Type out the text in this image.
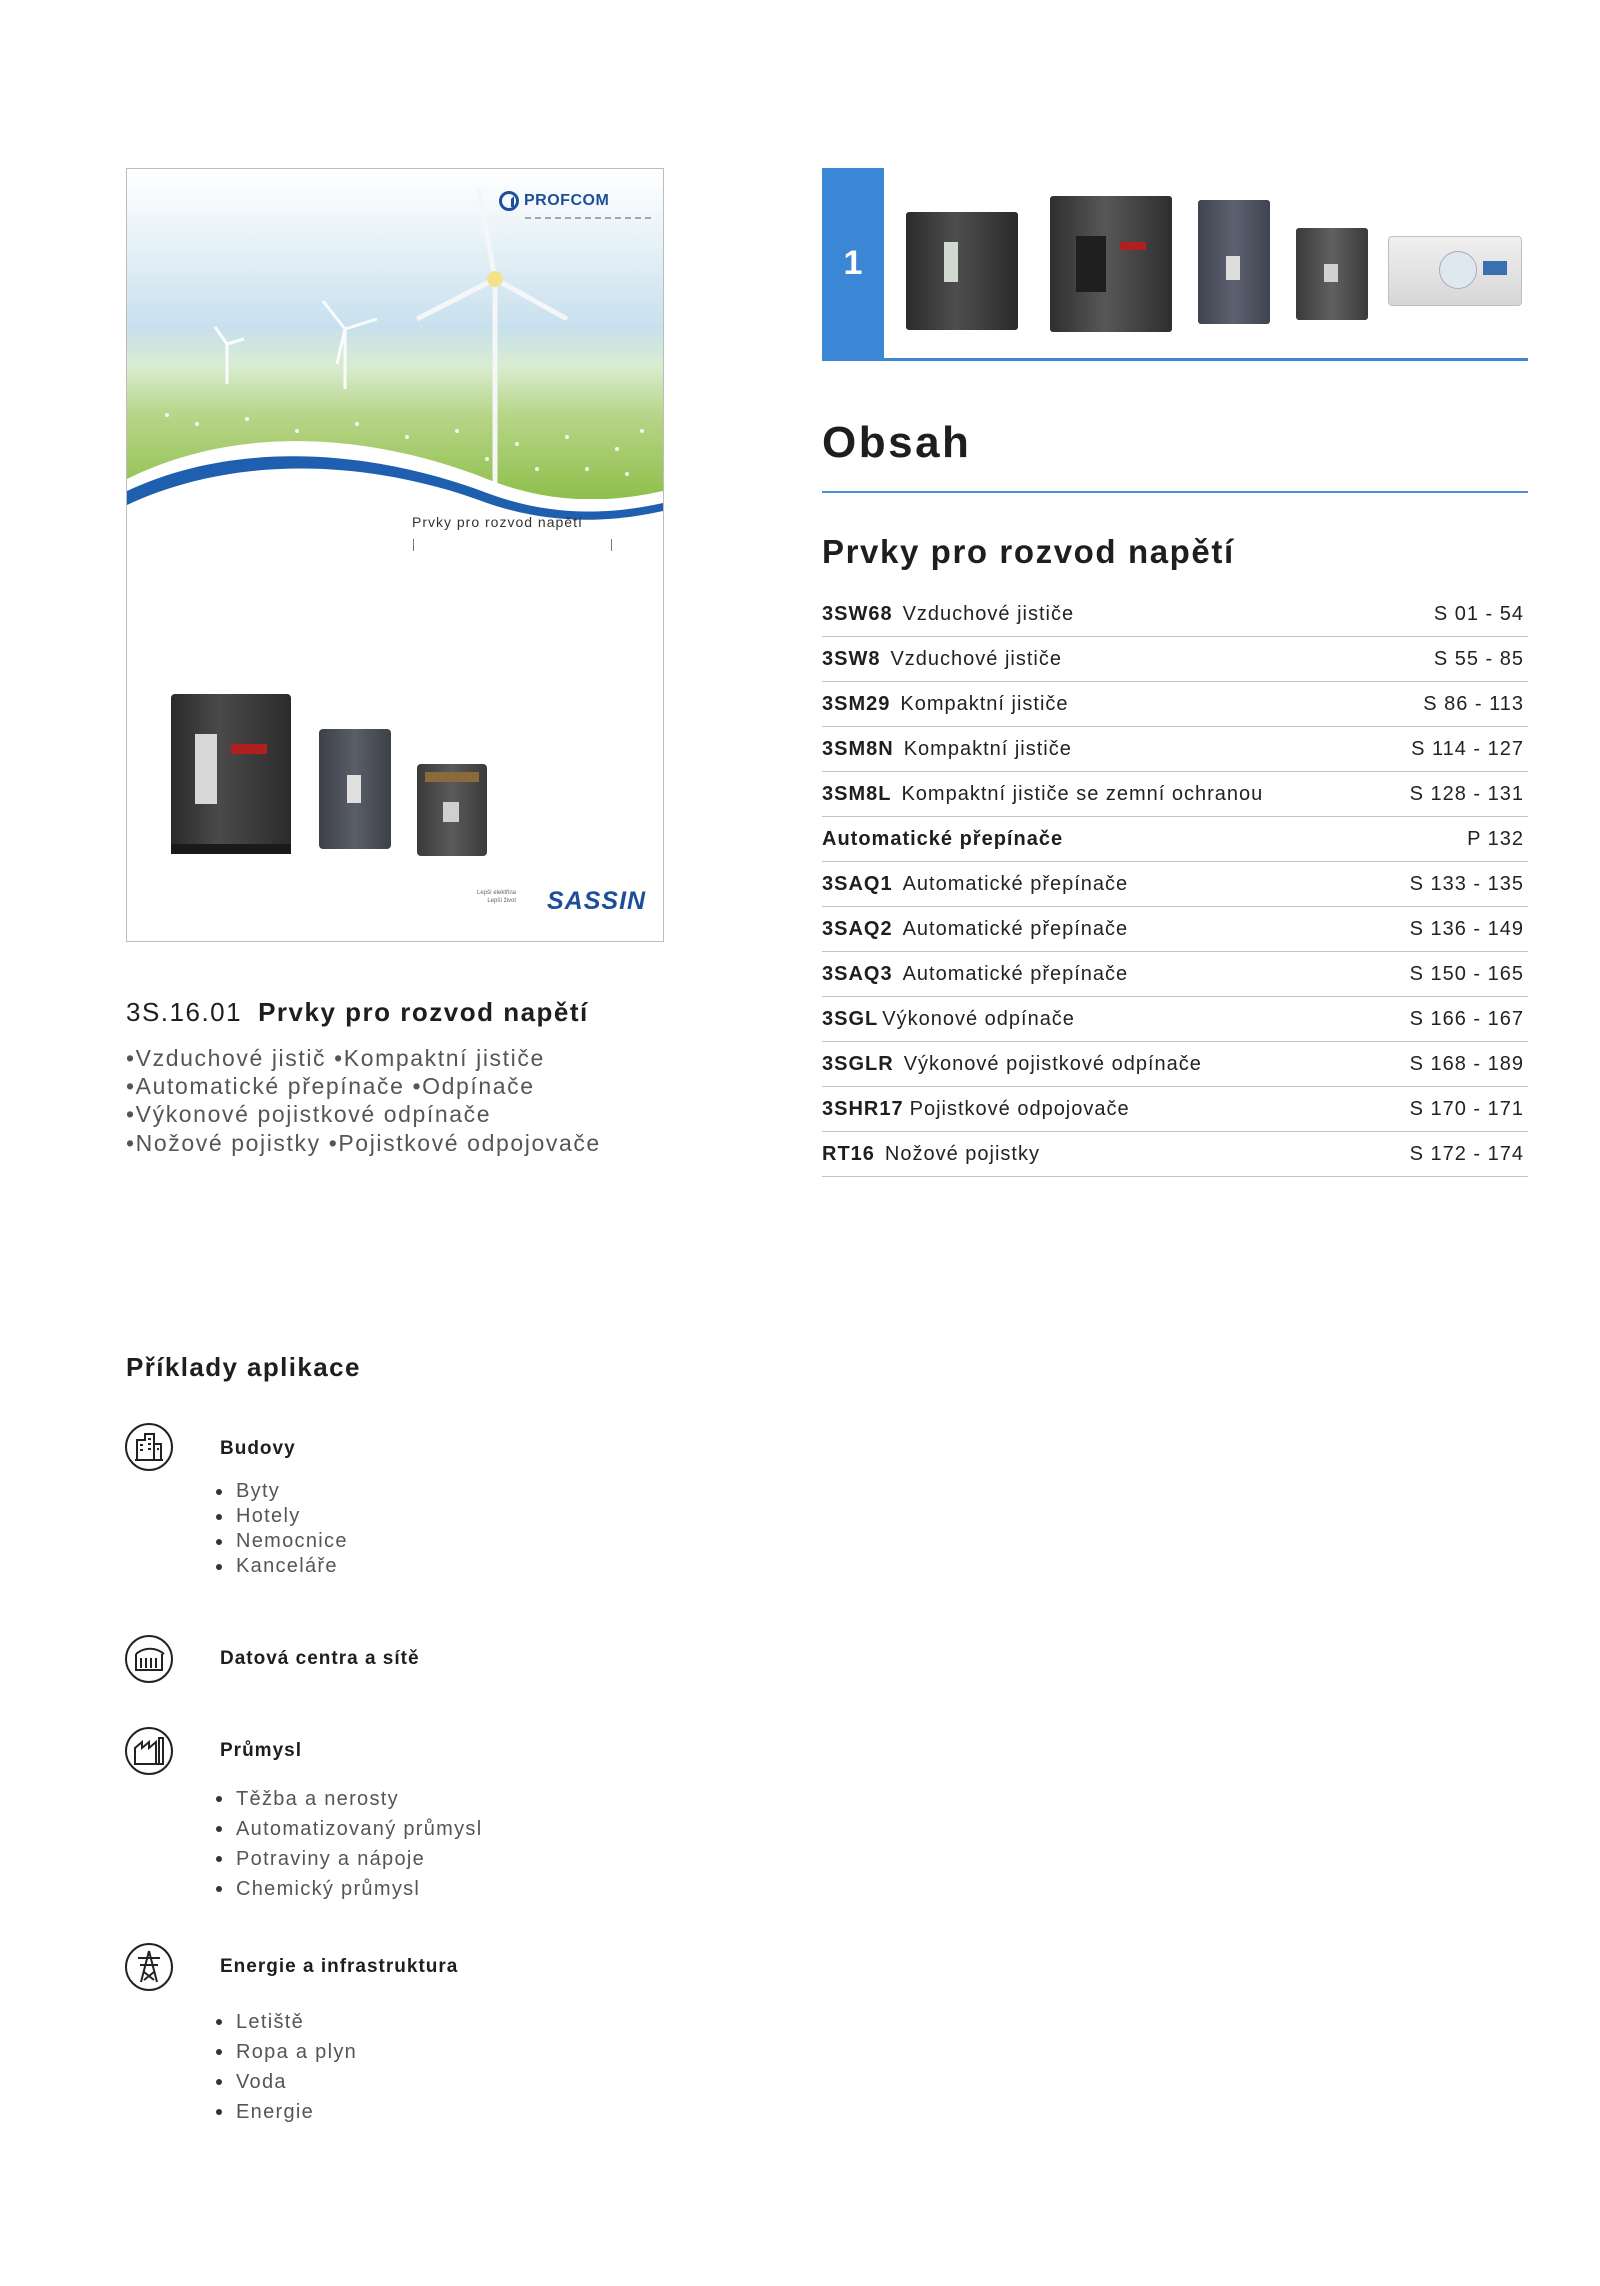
PROFCOM
Prvky pro rozvod napětí
Lepší elektřina
Lepší život SASSIN
3S.16.01 Prvky pro rozvod napětí
•Vzduchové jistič •Kompaktní jističe
•Automatické přepínače •Odpínače
•Výkonové pojistkové odpínače
•Nožové pojistky •Pojistkové odpojovače
1
Obsah
Prvky pro rozvod napětí
3SW68 Vzduchové jističe	S 01 - 54
3SW8 Vzduchové jističe	S 55 - 85
3SM29 Kompaktní jističe	S 86 - 113
3SM8N Kompaktní jističe	S 114 - 127
3SM8L Kompaktní jističe se zemní ochranou	S 128 - 131
Automatické přepínače	P 132
3SAQ1 Automatické přepínače	S 133 - 135
3SAQ2 Automatické přepínače	S 136 - 149
3SAQ3 Automatické přepínače	S 150 - 165
3SGL Výkonové odpínače	S 166 - 167
3SGLR Výkonové pojistkové odpínače	S 168 - 189
3SHR17 Pojistkové odpojovače	S 170 - 171
RT16 Nožové pojistky	S 172 - 174
Příklady aplikace
Budovy
Byty
Hotely
Nemocnice
Kanceláře
Datová centra a sítě
Průmysl
Těžba a nerosty
Automatizovaný průmysl
Potraviny a nápoje
Chemický průmysl
Energie a infrastruktura
Letiště
Ropa a plyn
Voda
Energie
